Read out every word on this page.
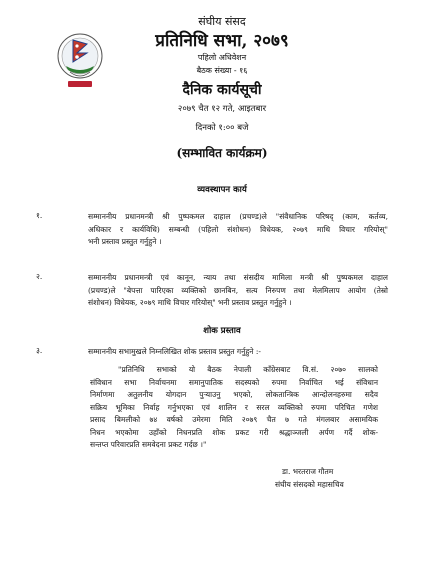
संघीय संसद
प्रतिनिधि सभा, २०७९
पहिलो अधिवेशन
बैठक संख्या - १६
दैनिक कार्यसूची
२०७९ चैत १२ गते, आइतबार
दिनको १:०० बजे
(सम्भावित कार्यक्रम)
व्यवस्थापन कार्य
१.	सम्माननीय प्रधानमन्त्री श्री पुष्पकमल दाहाल (प्रचण्ड)ले "संवैधानिक परिषद् (काम, कर्तव्य,
अधिकार र कार्यविधि) सम्बन्धी (पहिलो संशोधन) विधेयक, २०७९ माथि विचार गरियोस्"
भनी प्रस्ताव प्रस्तुत गर्नुहुने ।
२.	सम्माननीय प्रधानमन्त्री एवं कानून, न्याय तथा संसदीय मामिला मन्त्री श्री पुष्पकमल दाहाल
(प्रचण्ड)ले "बेपत्ता पारिएका व्यक्तिको छानबिन, सत्य निरुपण तथा मेलमिलाप आयोग (तेस्रो
संशोधन) विधेयक, २०७९ माथि विचार गरियोस्" भनी प्रस्ताव प्रस्तुत गर्नुहुने ।
शोक प्रस्ताव
३.	सम्माननीय सभामुखले निम्नलिखित शोक प्रस्ताव प्रस्तुत गर्नुहुने :-
"प्रतिनिधि सभाको यो बैठक नेपाली काँग्रेसबाट वि.सं. २०७० सालको
संविधान सभा निर्वाचनमा समानुपातिक सदस्यको रुपमा निर्वाचित भई संविधान
निर्माणमा अतुलनीय योगदान पुर्‍याउनु भएको, लोकतान्त्रिक आन्दोलनहरुमा सदैव
सक्रिय भूमिका निर्वाह गर्नुभएका एवं शालिन र सरल व्यक्तिको रुपमा परिचित गणेश
प्रसाद बिमलीको ७४ वर्षको उमेरमा मिति २०७९ चैत ७ गते मंगलबार असामयिक
निधन भएकोमा उहाँको निधनप्रति शोक प्रकट गरी श्रद्धाञ्जली अर्पण गर्दै शोक-
सन्तप्त परिवारप्रति समवेदना प्रकट गर्दछ ।"
डा. भरतराज गौतम
संघीय संसदको महासचिव
